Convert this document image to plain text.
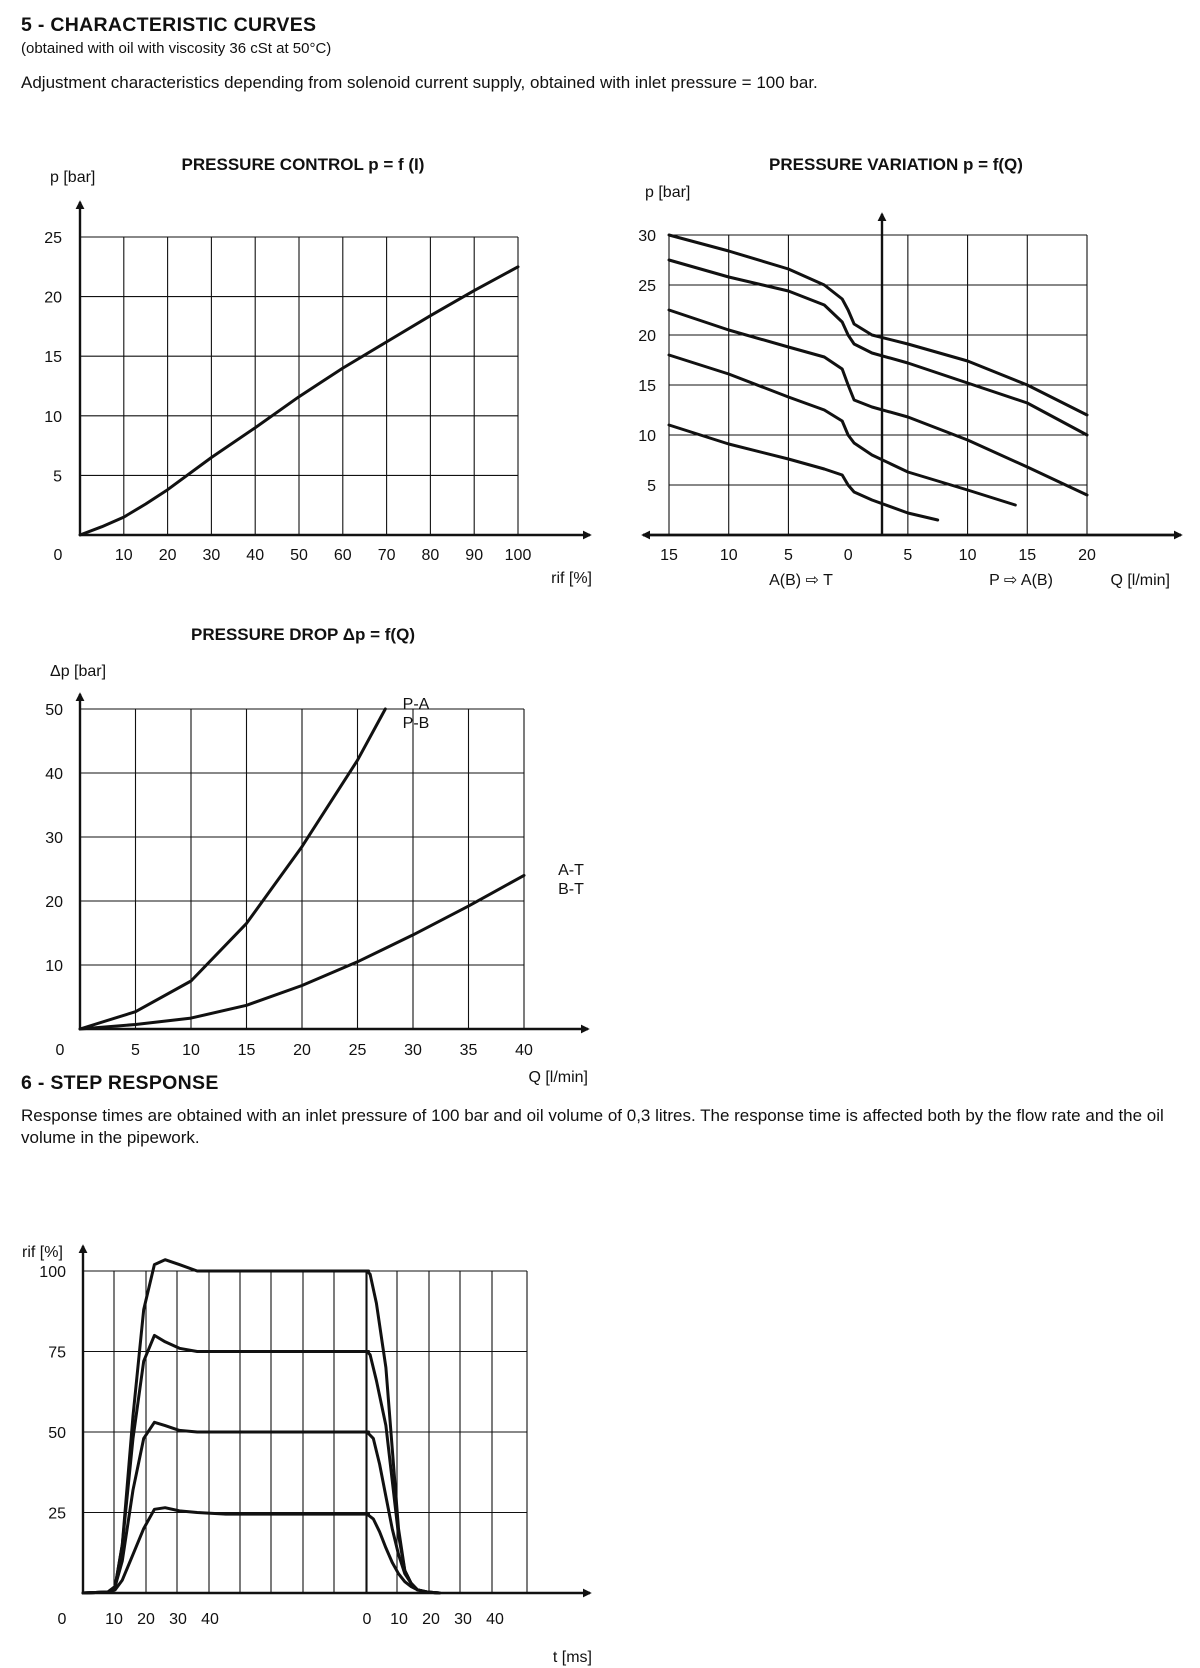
5 - CHARACTERISTIC CURVES
(obtained with oil with viscosity 36 cSt at 50°C)
Adjustment characteristics depending from solenoid current supply, obtained with inlet pressure = 100 bar.
6 - STEP RESPONSE
Response times are obtained with an inlet pressure of 100 bar and oil volume of 0,3 litres. The response time is affected both by the flow rate and the oil volume in the pipework.
PRESSURE CONTROL p = f (I)
p [bar]
rif [%]
0	10 20 30 40 50 60 70 80 90 100
5
10
15
20
25
PRESSURE VARIATION p = f(Q)
p [bar]
Q [l/min]
A(B) ⇨ T	P ⇨ A(B)
15	10	5	0	5	10	15	20
5
10
15
20
25
30
PRESSURE DROP Δp = f(Q)
Δp [bar]
Q [l/min]
0	5	10 15 20 25 30 35 40
10
20
30
40
50	P-A P-B
A-T B-T
rif [%]
t [ms]
0 10 20 30 40	0 10 20 30 40
25
50
75
100
